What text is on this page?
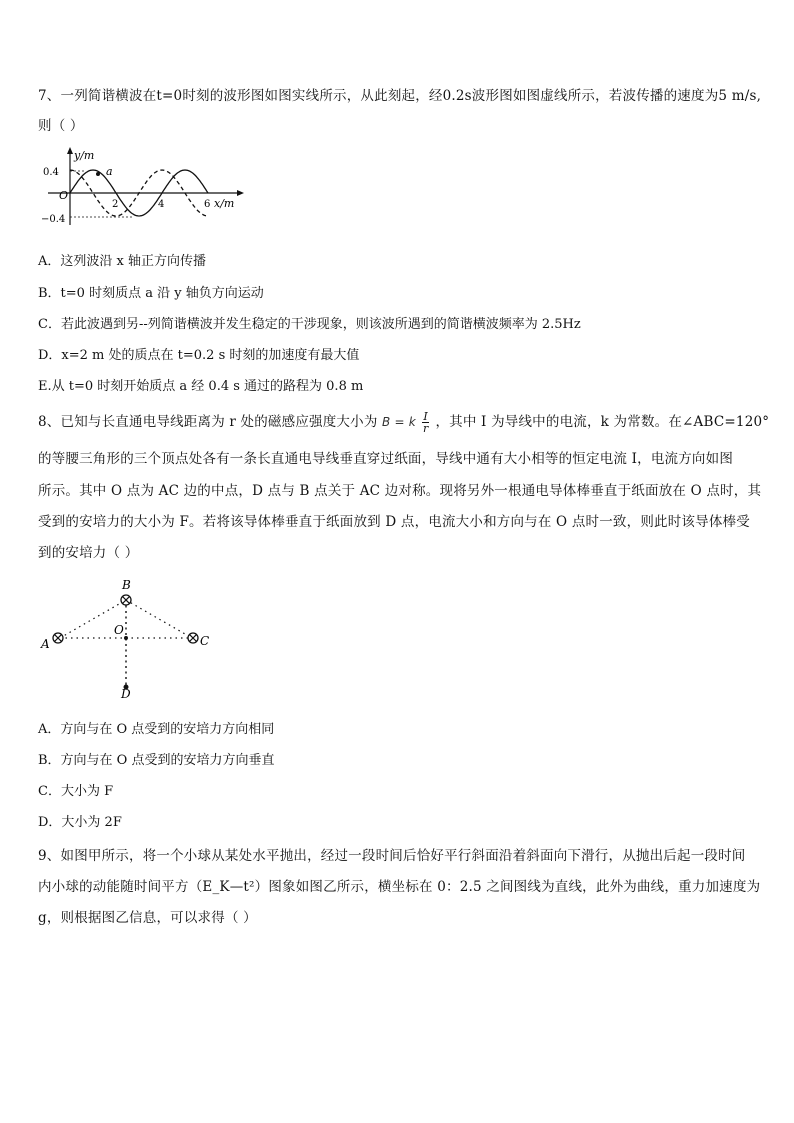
7、一列简谐横波在t=0时刻的波形图如图实线所示，从此刻起，经0.2s波形图如图虚线所示，若波传播的速度为5 m/s,
则（ ）
y/m
0.4
O
−0.4
a
2	4	6 x/m
A．这列波沿 x 轴正方向传播
B．t=0 时刻质点 a 沿 y 轴负方向运动
C．若此波遇到另--列简谐横波并发生稳定的干涉现象，则该波所遇到的简谐横波频率为 2.5Hz
D．x=2 m 处的质点在 t=0.2 s 时刻的加速度有最大值
E.从 t=0 时刻开始质点 a 经 0.4 s 通过的路程为 0.8 m
8、已知与长直通电导线距离为 r 处的磁感应强度大小为 B = k $\frac{I}{r}$ ，其中 I 为导线中的电流，k 为常数。在∠ABC=120°
的等腰三角形的三个顶点处各有一条长直通电导线垂直穿过纸面，导线中通有大小相等的恒定电流 I，电流方向如图
所示。其中 O 点为 AC 边的中点，D 点与 B 点关于 AC 边对称。现将另外一根通电导体棒垂直于纸面放在 O 点时，其
受到的安培力的大小为 F。若将该导体棒垂直于纸面放到 D 点，电流大小和方向与在 O 点时一致，则此时该导体棒受
到的安培力（ ）
B
A	C
O
D
A．方向与在 O 点受到的安培力方向相同
B．方向与在 O 点受到的安培力方向垂直
C．大小为 F
D．大小为 2F
9、如图甲所示，将一个小球从某处水平抛出，经过一段时间后恰好平行斜面沿着斜面向下滑行，从抛出后起一段时间
内小球的动能随时间平方（E_K—t²）图象如图乙所示，横坐标在 0：2.5 之间图线为直线，此外为曲线，重力加速度为
g，则根据图乙信息，可以求得（ ）
